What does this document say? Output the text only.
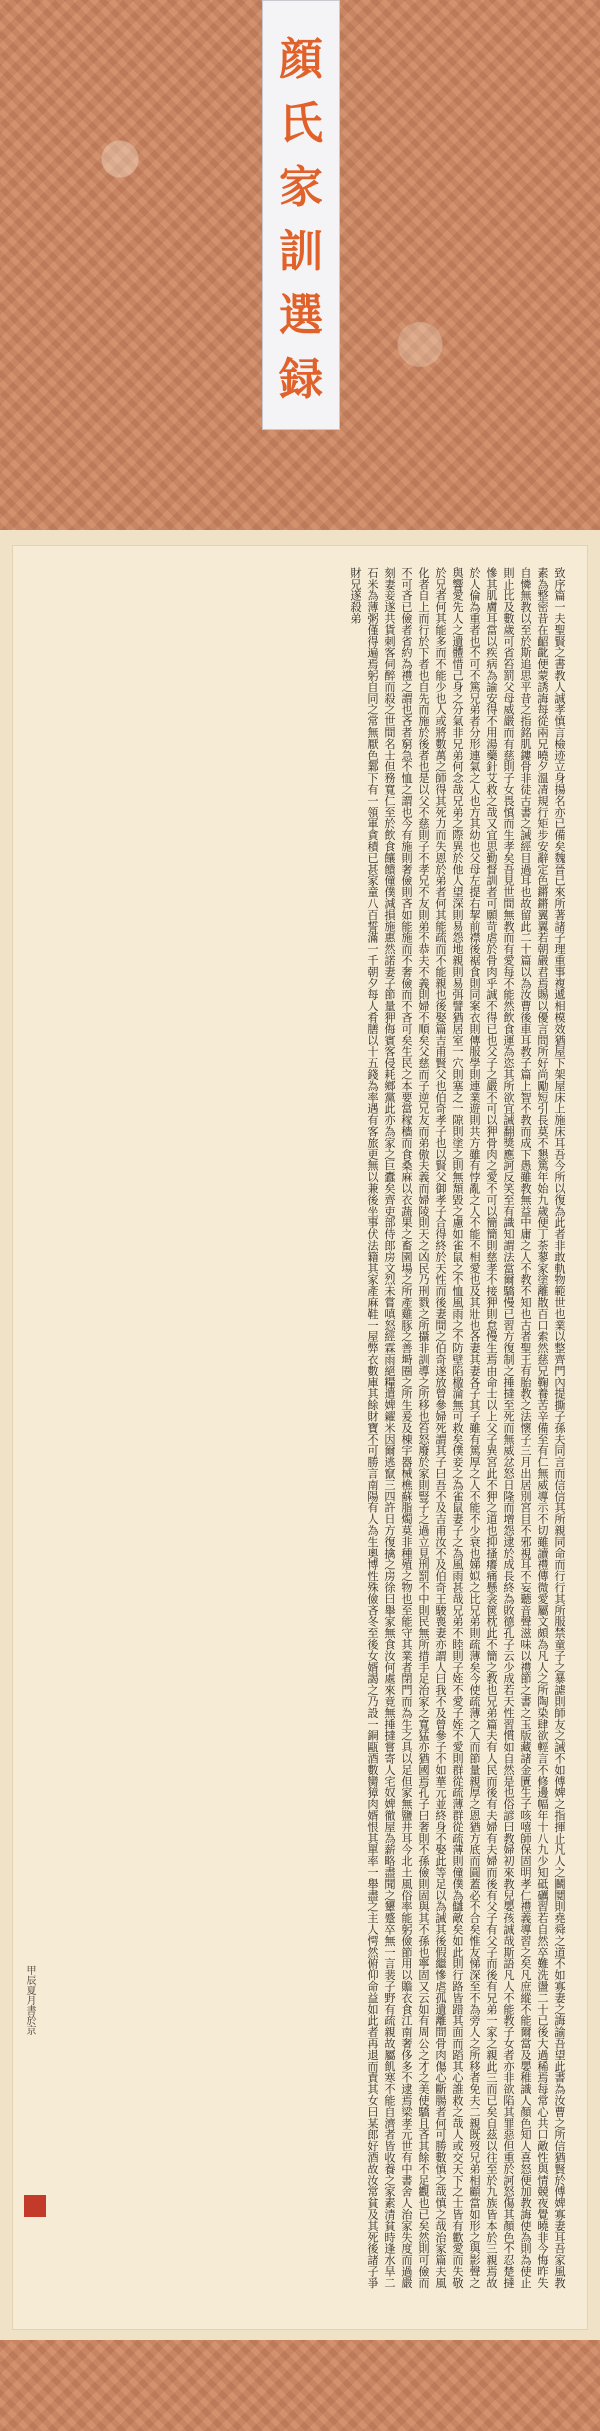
顔
氏
家
訓
選
録
致序篇一夫聖賢之書教人誠孝慎言檢迹立身揚名亦已備矣魏晉已來所著諸子理重事複遞相模效猶屋下架屋床上施床耳吾今所以復為此者非敢軌物範世也業以整齊門內提撕子孫夫同言而信信其所親同命而行行其所服禁童子之暴謔則師友之誡不如傅婢之指揮止凡人之鬭鬩則堯舜之道不如寡妻之誨諭吾望此書為汝曹之所信猶賢於傅婢寡妻耳吾家風教素為整密昔在齠齔便蒙誘誨每從兩兄曉夕溫凊規行矩步安辭定色鏘鏘翼翼若朝嚴君焉賜以優言問所好尚勵短引長莫不懇篤年始九歲便丁荼蓼家塗離散百口索然慈兄鞠養苦辛備至有仁無威導示不切雖讀禮傳微愛屬文頗為凡人之所陶染肆欲輕言不修邊幅年十八九少知砥礪習若自然卒難洗盪二十已後大過稀焉每常心共口敵性與情競夜覺曉非今悔昨失自憐無教以至於斯追思平昔之指銘肌鏤骨非徒古書之誡經目過耳也故留此二十篇以為汝曹後車耳教子篇上智不教而成下愚雖教無益中庸之人不教不知也古者聖王有胎教之法懷子三月出居別宮目不邪視耳不妄聽音聲滋味以禮節之書之玉版藏諸金匱生子咳嘻師保固明孝仁禮義導習之矣凡庶縱不能爾當及嬰稚識人顏色知人喜怒便加教誨使為則為使止則止比及數歲可省笞罰父母威嚴而有慈則子女畏慎而生孝矣吾見世間無教而有愛每不能然飲食運為恣其所欲宜誡翻獎應訶反笑至有識知謂法當爾驕慢已習方復制之捶撻至死而無威忿怒日隆而增怨逮於成長終為敗德孔子云少成若天性習慣如自然是也俗諺曰教婦初來教兒嬰孩誠哉斯語凡人不能教子女者亦非欲陷其罪惡但重於訶怒傷其顏色不忍楚撻慘其肌膚耳當以疾病為諭安得不用湯藥針艾救之哉又宜思勤督訓者可願苛虐於骨肉乎誠不得已也父子之嚴不可以狎骨肉之愛不可以簡簡則慈孝不接狎則怠慢生焉由命士以上父子異宮此不狎之道也抑搔癢痛懸衾篋枕此不簡之教也兄弟篇夫有人民而後有夫婦有夫婦而後有父子有父子而後有兄弟一家之親此三而已矣自茲以往至於九族皆本於三親焉故於人倫為重者也不可不篤兄弟者分形連氣之人也方其幼也父母左提右挈前襟後裾食則同案衣則傳服學則連業遊則共方雖有悖亂之人不能不相愛也及其壯也各妻其妻各子其子雖有篤厚之人不能不少衰也娣姒之比兄弟則疏薄矣今使疏薄之人而節量親厚之恩猶方底而圓蓋必不合矣惟友悌深至不為旁人之所移者免夫二親既歿兄弟相顧當如形之與影聲之與響愛先人之遺體惜己身之分氣非兄弟何念哉兄弟之際異於他人望深則易怨地親則易弭譬猶居室一穴則塞之一隙則塗之則無頹毀之慮如雀鼠之不恤風雨之不防壁陷楹淪無可救矣僕妾之為雀鼠妻子之為風雨甚哉兄弟不睦則子姪不愛子姪不愛則群從疏薄群從疏薄則僮僕為讎敵矣如此則行路皆踖其面而蹈其心誰救之哉人或交天下之士皆有歡愛而失敬於兄者何其能多而不能少也人或將數萬之師得其死力而失恩於弟者何其能疏而不能親也後娶篇吉甫賢父也伯奇孝子也以賢父御孝子合得終於天性而後妻間之伯奇遂放曾參婦死謂其子曰吾不及吉甫汝不及伯奇王駿喪妻亦謂人曰我不及曾參子不如華元並終身不娶此等足以為誡其後假繼慘虐孤遺離間骨肉傷心斷腸者何可勝數慎之哉慎之哉治家篇夫風化者自上而行於下者也自先而施於後者也是以父不慈則子不孝兄不友則弟不恭夫不義則婦不順矣父慈而子逆兄友而弟傲夫義而婦陵則天之凶民乃刑戮之所攝非訓導之所移也笞怒廢於家則豎子之過立見刑罰不中則民無所措手足治家之寬猛亦猶國焉孔子曰奢則不孫儉則固與其不孫也寧固又云如有周公之才之美使驕且吝其餘不足觀也已矣然則可儉而不可吝已儉者省約為禮之謂也吝者窮急不恤之謂也今有施則奢儉則吝如能施而不奢儉而不吝可矣生民之本要當稼穡而食桑麻以衣蔬果之畜園場之所產雞豚之善塒圈之所生爰及棟宇器械樵蘇脂燭莫非種殖之物也至能守其業者閉門而為生之具以足但家無鹽井耳今北土風俗率能躬儉節用以贍衣食江南奢侈多不逮焉梁孝元世有中書舍人治家失度而過嚴刻妻妾遂共貨刺客伺醉而殺之世間名士但務寬仁至於飲食饟饋僮僕減損施惠然諾妻子節量狎侮賓客侵耗鄉黨此亦為家之巨蠹矣齊吏部侍郎房文烈未嘗嗔怒經霖雨絕糧遣婢糴米因爾逃竄三四許日方復擒之房徐曰舉家無食汝何處來竟無捶撻嘗寄人宅奴婢徹屋為薪略盡聞之顰蹙卒無一言裴子野有疏親故屬飢寒不能自濟者皆收養之家素清貧時逢水旱二石米為薄粥僅得遍焉躬自同之常無厭色鄴下有一領軍貪積已甚家童八百誓滿一千朝夕每人肴膳以十五錢為率遇有客旅更無以兼後坐事伏法籍其家產麻鞋一屋弊衣數庫其餘財寶不可勝言南陽有人為生奧博性殊儉吝冬至後女婿謁之乃設一銅甌酒數臠獐肉婿恨其單率一舉盡之主人愕然俯仰命益如此者再退而責其女曰某郎好酒故汝常貧及其死後諸子爭財兄遂殺弟
甲辰夏月書於京
